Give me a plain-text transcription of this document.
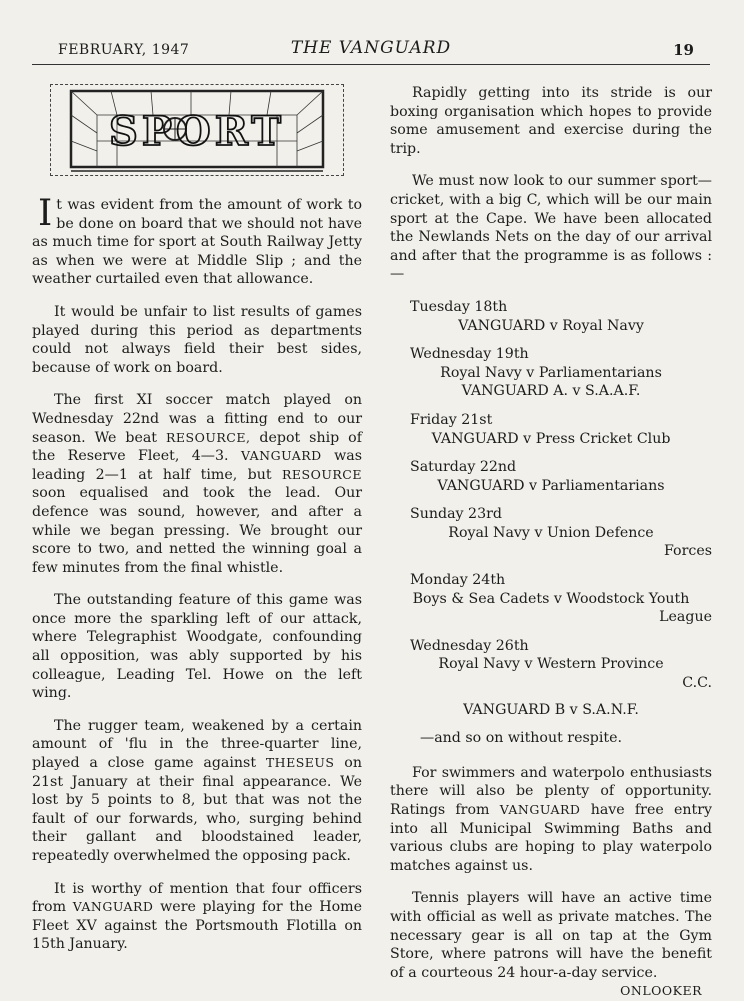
FEBRUARY, 1947	THE VANGUARD	19
SPORT

It was evident from the amount of work to be done on board that we should not have as much time for sport at South Railway Jetty as when we were at Middle Slip ; and the weather curtailed even that allowance.

It would be unfair to list results of games played during this period as departments could not always field their best sides, because of work on board.

The first XI soccer match played on Wednesday 22nd was a fitting end to our season. We beat RESOURCE, depot ship of the Reserve Fleet, 4—3. VANGUARD was leading 2—1 at half time, but RESOURCE soon equalised and took the lead. Our defence was sound, however, and after a while we began pressing. We brought our score to two, and netted the winning goal a few minutes from the final whistle.

The outstanding feature of this game was once more the sparkling left of our attack, where Telegraphist Woodgate, confounding all opposition, was ably supported by his colleague, Leading Tel. Howe on the left wing.

The rugger team, weakened by a certain amount of 'flu in the three-quarter line, played a close game against THESEUS on 21st January at their final appearance. We lost by 5 points to 8, but that was not the fault of our forwards, who, surging behind their gallant and bloodstained leader, repeatedly overwhelmed the opposing pack.

It is worthy of mention that four officers from VANGUARD were playing for the Home Fleet XV against the Portsmouth Flotilla on 15th January.

Rapidly getting into its stride is our boxing organisation which hopes to provide some amusement and exercise during the trip.

We must now look to our summer sport—cricket, with a big C, which will be our main sport at the Cape. We have been allocated the Newlands Nets on the day of our arrival and after that the programme is as follows :—

Tuesday 18th
VANGUARD v Royal Navy
Wednesday 19th
Royal Navy v Parliamentarians
VANGUARD A. v S.A.A.F.
Friday 21st
VANGUARD v Press Cricket Club
Saturday 22nd
VANGUARD v Parliamentarians
Sunday 23rd
Royal Navy v Union Defence
Forces
Monday 24th
Boys & Sea Cadets v Woodstock Youth
League
Wednesday 26th
Royal Navy v Western Province
C.C.
VANGUARD B v S.A.N.F.
—and so on without respite.

For swimmers and waterpolo enthusiasts there will also be plenty of opportunity. Ratings from VANGUARD have free entry into all Municipal Swimming Baths and various clubs are hoping to play waterpolo matches against us.

Tennis players will have an active time with official as well as private matches. The necessary gear is all on tap at the Gym Store, where patrons will have the benefit of a courteous 24 hour-a-day service.

ONLOOKER
